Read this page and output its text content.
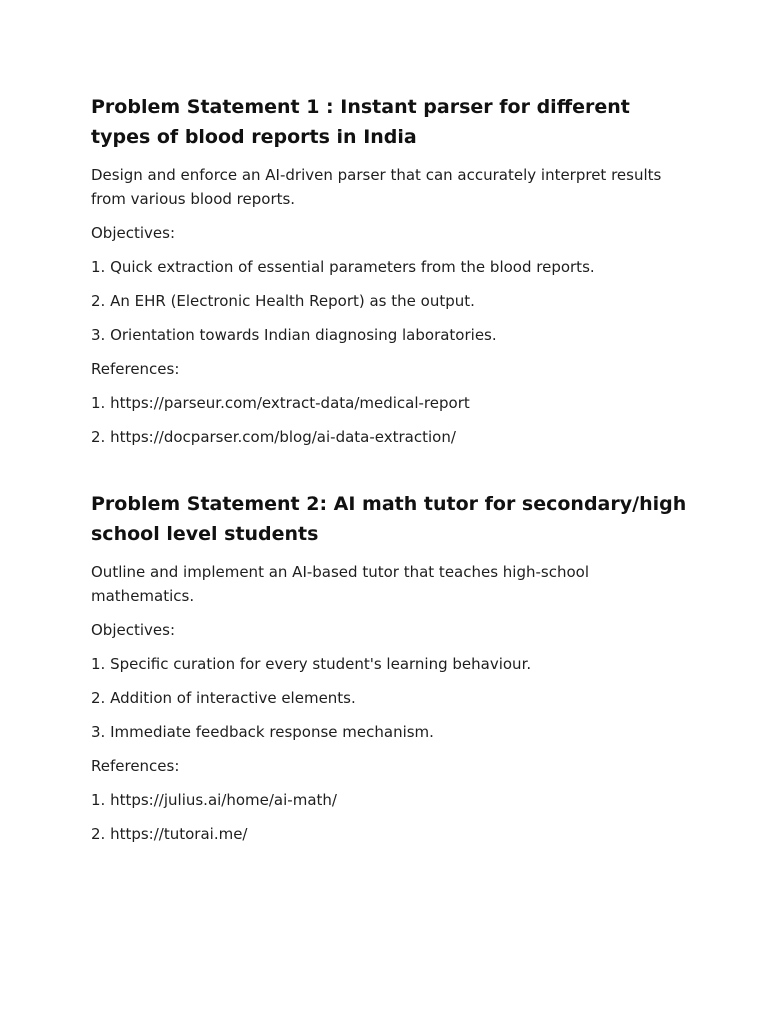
Problem Statement 1 : Instant parser for different types of blood reports in India

Design and enforce an AI-driven parser that can accurately interpret results from various blood reports.

Objectives:

1. Quick extraction of essential parameters from the blood reports.

2. An EHR (Electronic Health Report) as the output.

3. Orientation towards Indian diagnosing laboratories.

References:

1. https://parseur.com/extract-data/medical-report

2. https://docparser.com/blog/ai-data-extraction/

Problem Statement 2: AI math tutor for secondary/high school level students

Outline and implement an AI-based tutor that teaches high-school mathematics.

Objectives:

1. Specific curation for every student's learning behaviour.

2. Addition of interactive elements.

3. Immediate feedback response mechanism.

References:

1. https://julius.ai/home/ai-math/

2. https://tutorai.me/
